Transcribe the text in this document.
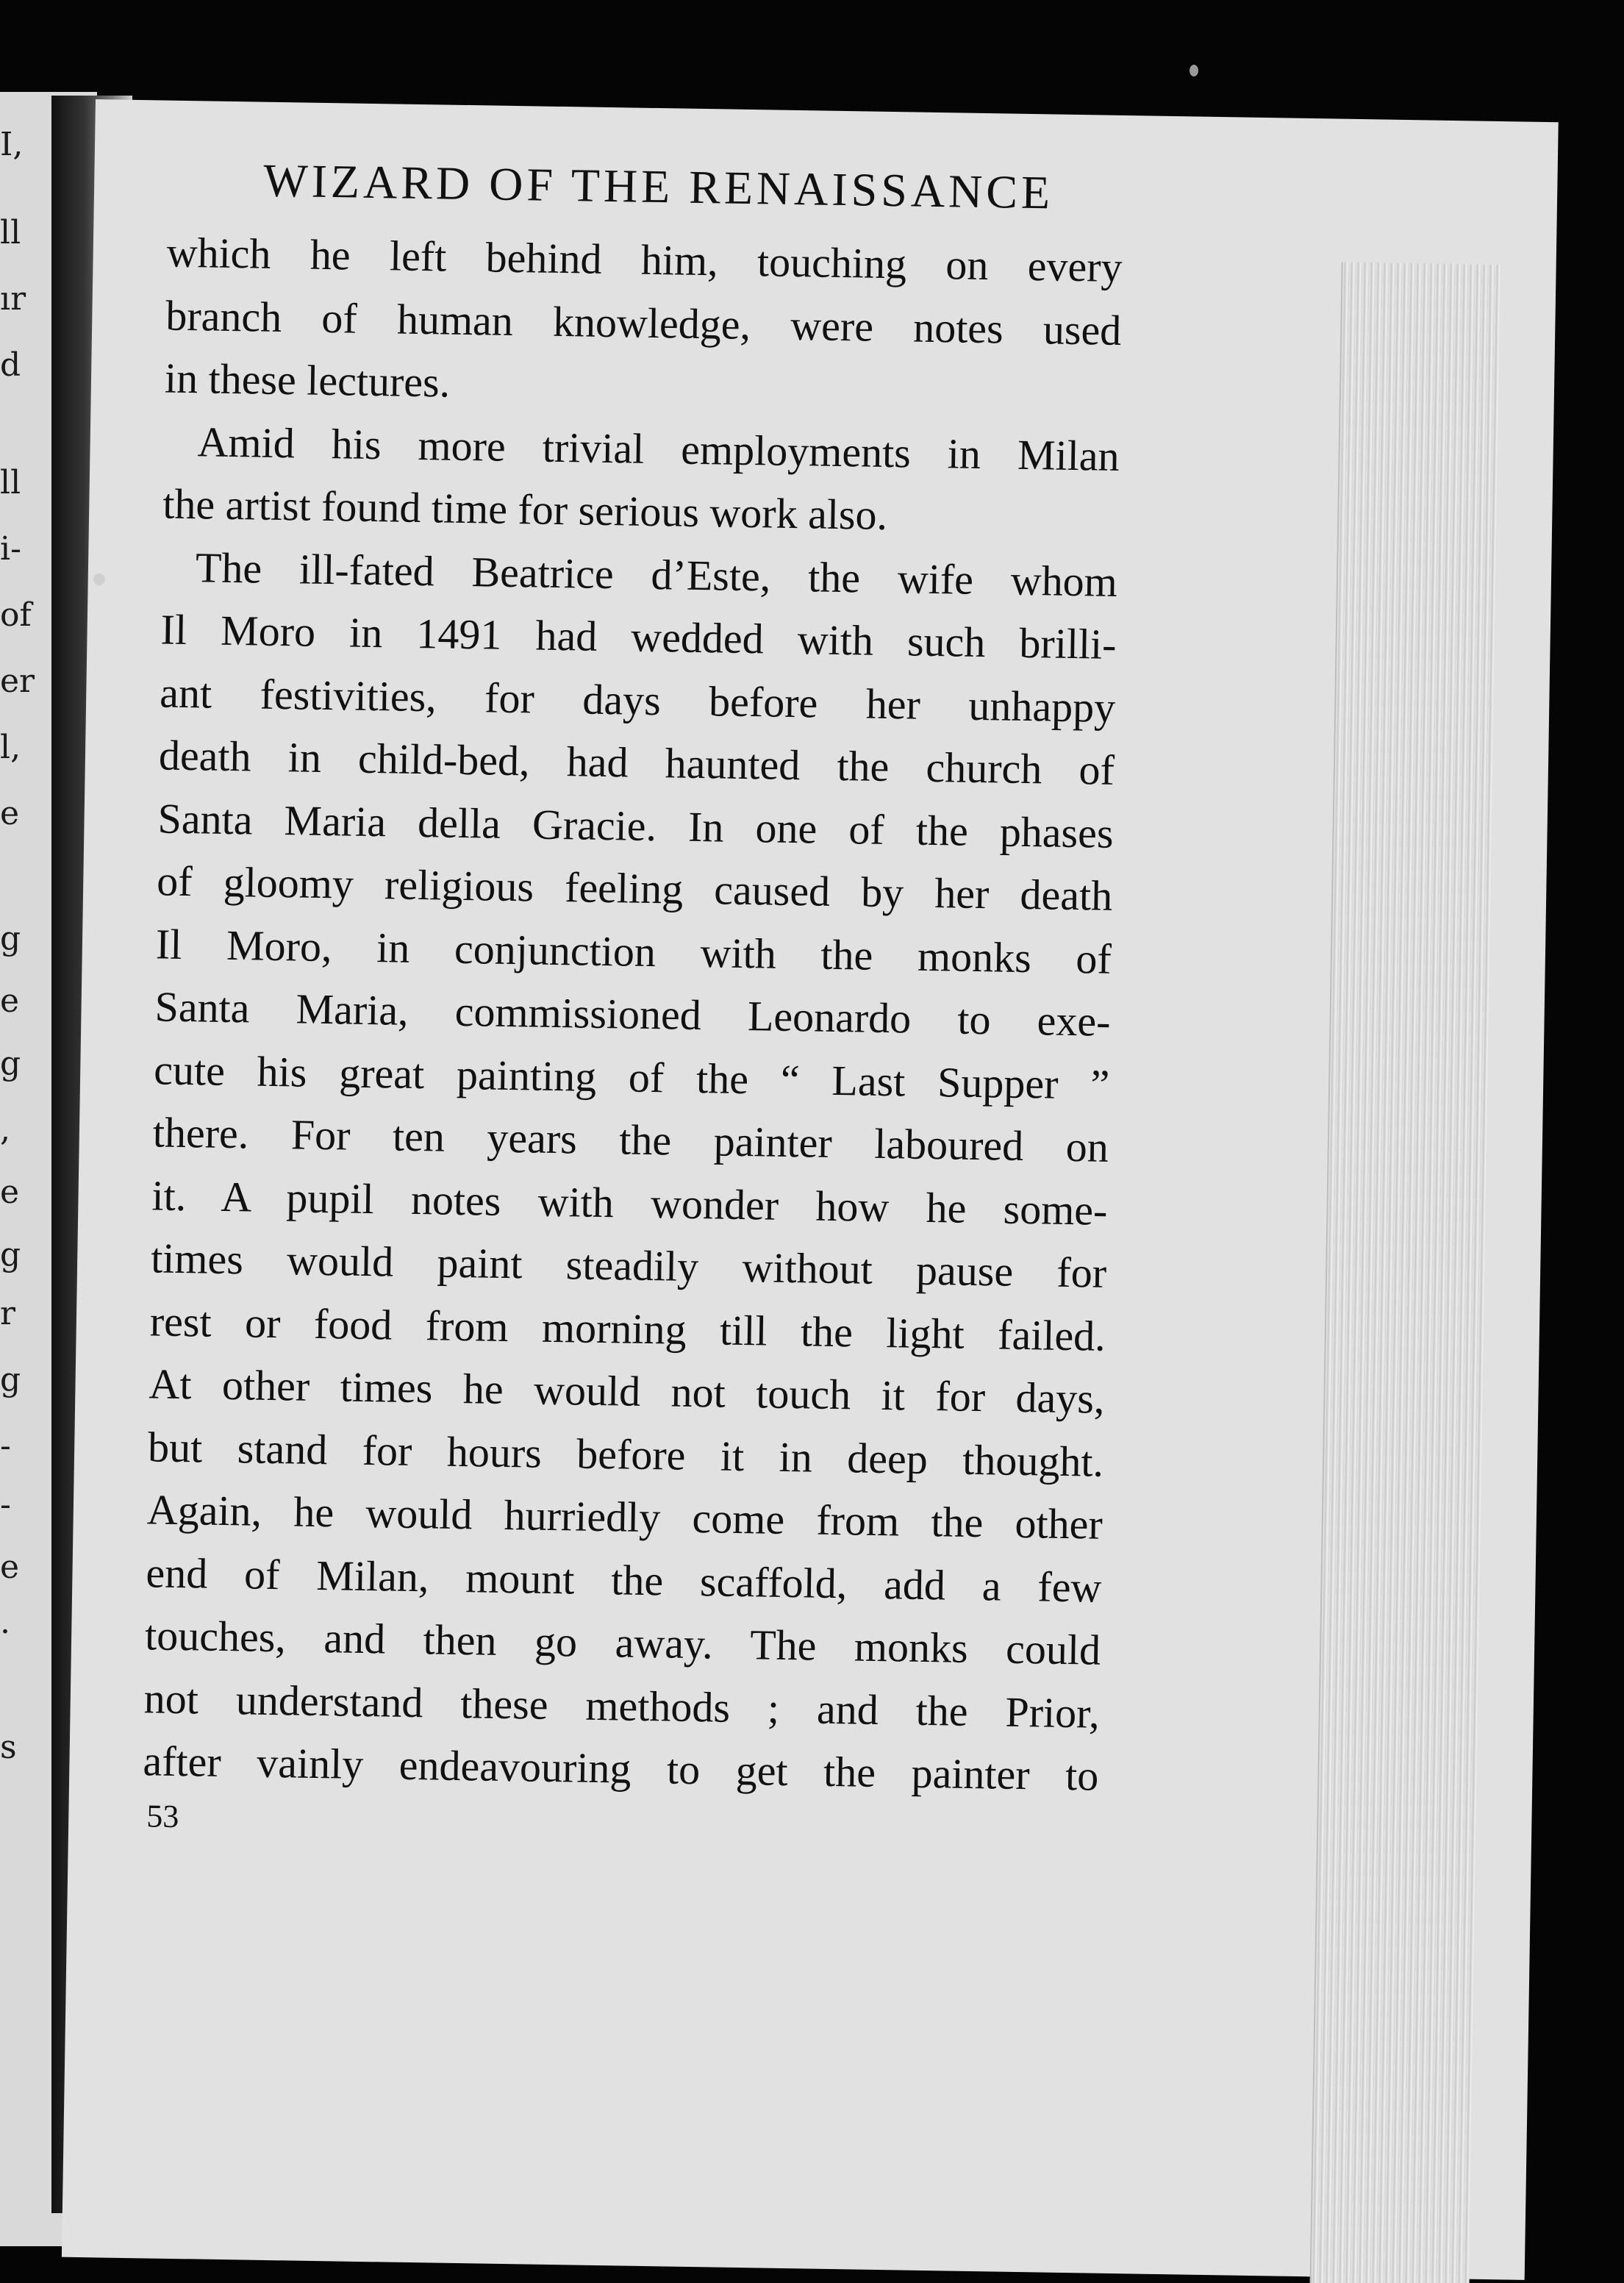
I,
ll
ır
d
ll
i-
of
er
l,
e
g
e
g
,
e
g
r
g
-
-
e
.
s
WIZARD OF THE RENAISSANCE
which he left behind him, touching on every
branch of human knowledge, were notes used
in these lectures.
Amid his more trivial employments in Milan
the artist found time for serious work also.
The ill-fated Beatrice d’Este, the wife whom
Il Moro in 1491 had wedded with such brilli-
ant festivities, for days before her unhappy
death in child-bed, had haunted the church of
Santa Maria della Gracie. In one of the phases
of gloomy religious feeling caused by her death
Il Moro, in conjunction with the monks of
Santa Maria, commissioned Leonardo to exe-
cute his great painting of the “ Last Supper ”
there. For ten years the painter laboured on
it. A pupil notes with wonder how he some-
times would paint steadily without pause for
rest or food from morning till the light failed.
At other times he would not touch it for days,
but stand for hours before it in deep thought.
Again, he would hurriedly come from the other
end of Milan, mount the scaffold, add a few
touches, and then go away. The monks could
not understand these methods ; and the Prior,
after vainly endeavouring to get the painter to
53
